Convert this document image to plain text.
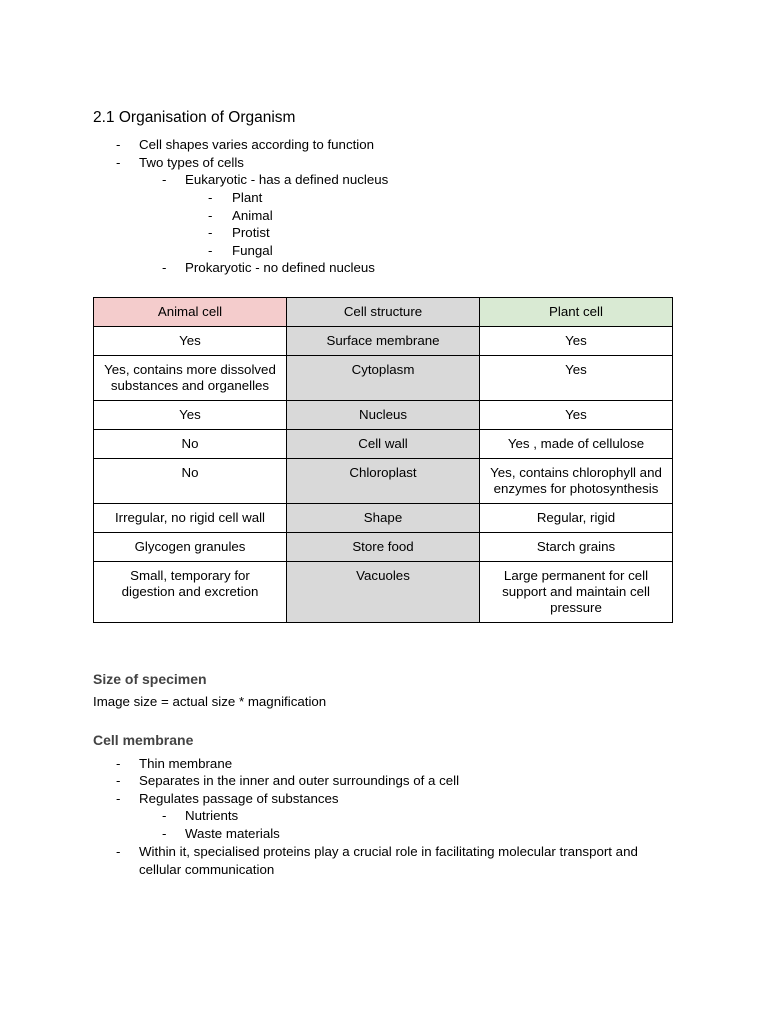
2.1 Organisation of Organism
-	Cell shapes varies according to function
-	Two types of cells
-	Eukaryotic - has a defined nucleus
-	Plant
-	Animal
-	Protist
-	Fungal
-	Prokaryotic - no defined nucleus
Animal cell	Cell structure	Plant cell
Yes	Surface membrane	Yes
Yes, contains more dissolved substances and organelles	Cytoplasm	Yes
Yes	Nucleus	Yes
No	Cell wall	Yes , made of cellulose
No	Chloroplast	Yes, contains chlorophyll and enzymes for photosynthesis
Irregular, no rigid cell wall	Shape	Regular, rigid
Glycogen granules	Store food	Starch grains
Small, temporary for digestion and excretion	Vacuoles	Large permanent for cell support and maintain cell pressure
Size of specimen

Image size = actual size * magnification

Cell membrane
-	Thin membrane
-	Separates in the inner and outer surroundings of a cell
-	Regulates passage of substances
-	Nutrients
-	Waste materials
-	Within it, specialised proteins play a crucial role in facilitating molecular transport and cellular communication
